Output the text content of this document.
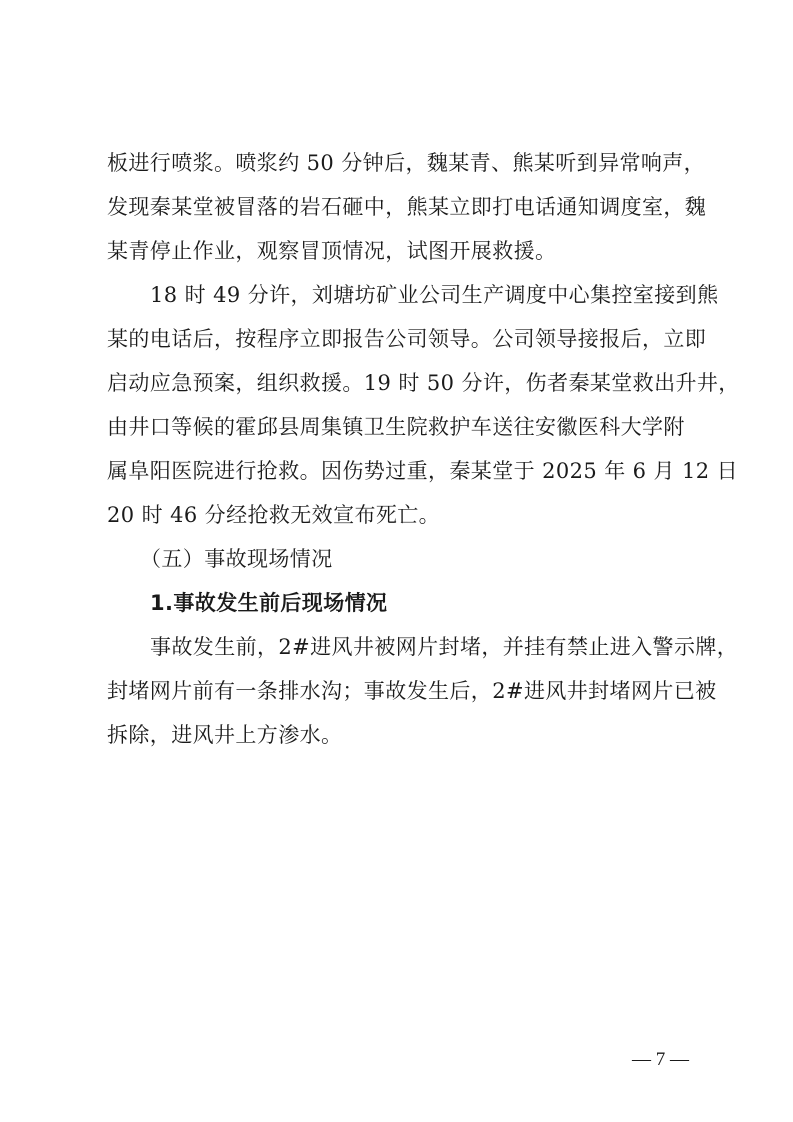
板进行喷浆。喷浆约 50 分钟后，魏某青、熊某听到异常响声，
发现秦某堂被冒落的岩石砸中，熊某立即打电话通知调度室，魏
某青停止作业，观察冒顶情况，试图开展救援。
18 时 49 分许，刘塘坊矿业公司生产调度中心集控室接到熊
某的电话后，按程序立即报告公司领导。公司领导接报后，立即
启动应急预案，组织救援。19 时 50 分许，伤者秦某堂救出升井，
由井口等候的霍邱县周集镇卫生院救护车送往安徽医科大学附
属阜阳医院进行抢救。因伤势过重，秦某堂于 2025 年 6 月 12 日
20 时 46 分经抢救无效宣布死亡。
（五）事故现场情况
1.事故发生前后现场情况
事故发生前，2#进风井被网片封堵，并挂有禁止进入警示牌，
封堵网片前有一条排水沟；事故发生后，2#进风井封堵网片已被
拆除，进风井上方渗水。
— 7 —
